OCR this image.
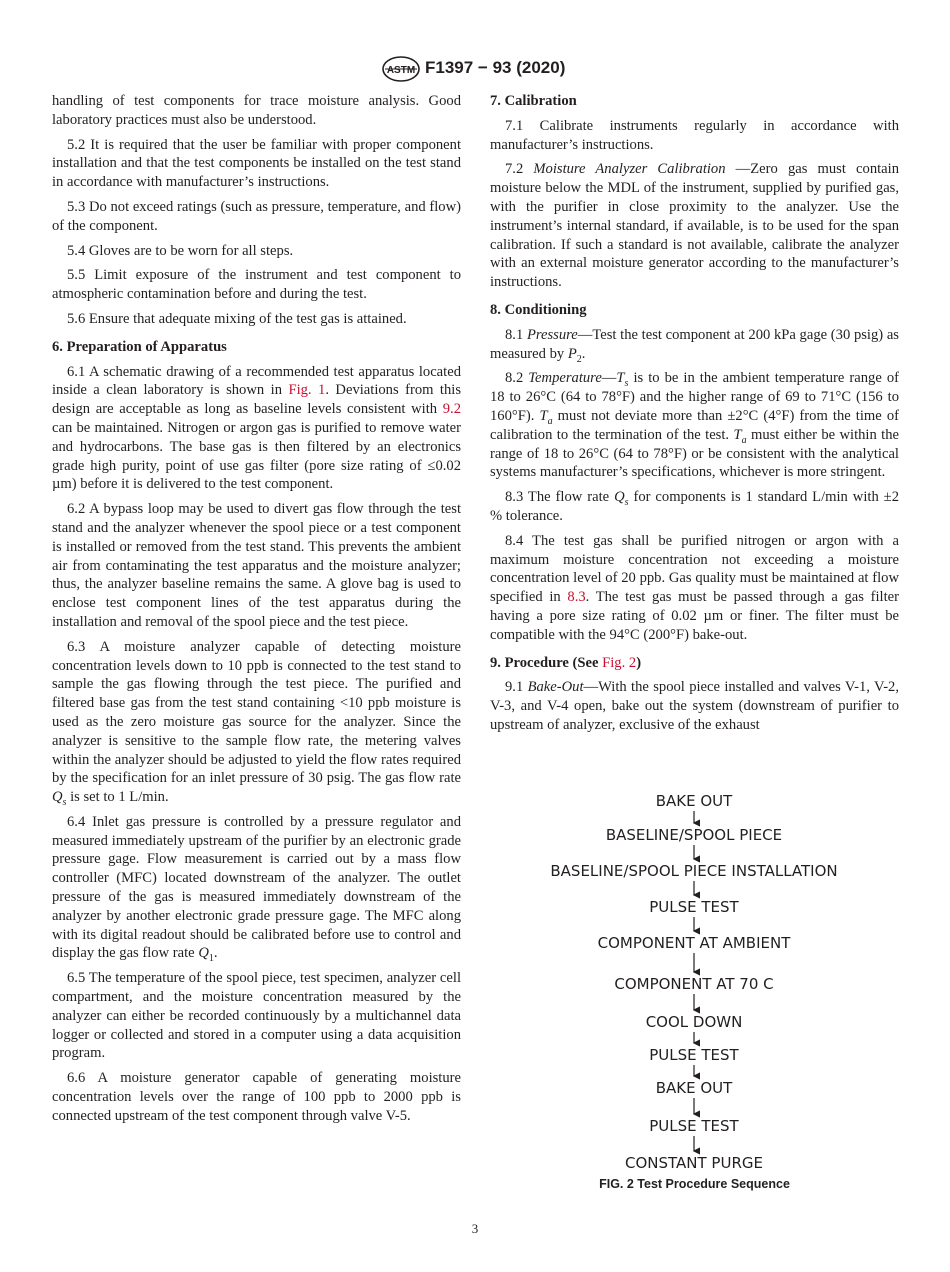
ASTM F1397 − 93 (2020)

handling of test components for trace moisture analysis. Good laboratory practices must also be understood.

5.2 It is required that the user be familiar with proper component installation and that the test components be installed on the test stand in accordance with manufacturer’s instructions.

5.3 Do not exceed ratings (such as pressure, temperature, and flow) of the component.

5.4 Gloves are to be worn for all steps.

5.5 Limit exposure of the instrument and test component to atmospheric contamination before and during the test.

5.6 Ensure that adequate mixing of the test gas is attained.

6. Preparation of Apparatus

6.1 A schematic drawing of a recommended test apparatus located inside a clean laboratory is shown in Fig. 1. Deviations from this design are acceptable as long as baseline levels consistent with 9.2 can be maintained. Nitrogen or argon gas is purified to remove water and hydrocarbons. The base gas is then filtered by an electronics grade high purity, point of use gas filter (pore size rating of ≤0.02 µm) before it is delivered to the test component.

6.2 A bypass loop may be used to divert gas flow through the test stand and the analyzer whenever the spool piece or a test component is installed or removed from the test stand. This prevents the ambient air from contaminating the test apparatus and the moisture analyzer; thus, the analyzer baseline remains the same. A glove bag is used to enclose test component lines of the test apparatus during the installation and removal of the spool piece and the test piece.

6.3 A moisture analyzer capable of detecting moisture concentration levels down to 10 ppb is connected to the test stand to sample the gas flowing through the test piece. The purified and filtered base gas from the test stand containing <10 ppb moisture is used as the zero moisture gas source for the analyzer. Since the analyzer is sensitive to the sample flow rate, the metering valves within the analyzer should be adjusted to yield the flow rates required by the specification for an inlet pressure of 30 psig. The gas flow rate $Q_s$ is set to 1 L/min.

6.4 Inlet gas pressure is controlled by a pressure regulator and measured immediately upstream of the purifier by an electronic grade pressure gage. Flow measurement is carried out by a mass flow controller (MFC) located downstream of the analyzer. The outlet pressure of the gas is measured immediately downstream of the analyzer by another electronic grade pressure gage. The MFC along with its digital readout should be calibrated before use to control and display the gas flow rate $Q_1$.

6.5 The temperature of the spool piece, test specimen, analyzer cell compartment, and the moisture concentration measured by the analyzer can either be recorded continuously by a multichannel data logger or collected and stored in a computer using a data acquisition program.

6.6 A moisture generator capable of generating moisture concentration levels over the range of 100 ppb to 2000 ppb is connected upstream of the test component through valve V-5.

7. Calibration

7.1 Calibrate instruments regularly in accordance with manufacturer’s instructions.

7.2 Moisture Analyzer Calibration —Zero gas must contain moisture below the MDL of the instrument, supplied by purified gas, with the purifier in close proximity to the analyzer. Use the instrument’s internal standard, if available, is to be used for the span calibration. If such a standard is not available, calibrate the analyzer with an external moisture generator according to the manufacturer’s instructions.

8. Conditioning

8.1 Pressure—Test the test component at 200 kPa gage (30 psig) as measured by $P_2$.

8.2 $Temperature—T_s$ is to be in the ambient temperature range of 18 to 26°C (64 to 78°F) and the higher range of 69 to 71°C (156 to 160°F). $T_a$ must not deviate more than ±2°C (4°F) from the time of calibration to the termination of the test. $T_a$ must either be within the range of 18 to 26°C (64 to 78°F) or be consistent with the analytical systems manufacturer’s specifications, whichever is more stringent.

8.3 The flow rate $Q_s$ for components is 1 standard L/min with ±2 % tolerance.

8.4 The test gas shall be purified nitrogen or argon with a maximum moisture concentration not exceeding a moisture concentration level of 20 ppb. Gas quality must be maintained at flow specified in 8.3. The test gas must be passed through a gas filter having a pore size rating of 0.02 µm or finer. The filter must be compatible with the 94°C (200°F) bake-out.

9. Procedure (See Fig. 2)

9.1 Bake-Out—With the spool piece installed and valves V-1, V-2, V-3, and V-4 open, bake out the system (downstream of purifier to upstream of analyzer, exclusive of the exhaust

BAKE OUT
BASELINE/SPOOL PIECE
BASELINE/SPOOL PIECE INSTALLATION
PULSE TEST
COMPONENT AT AMBIENT
COMPONENT AT 70 C
COOL DOWN
PULSE TEST
BAKE OUT
PULSE TEST
CONSTANT PURGE
FIG. 2 Test Procedure Sequence
3
